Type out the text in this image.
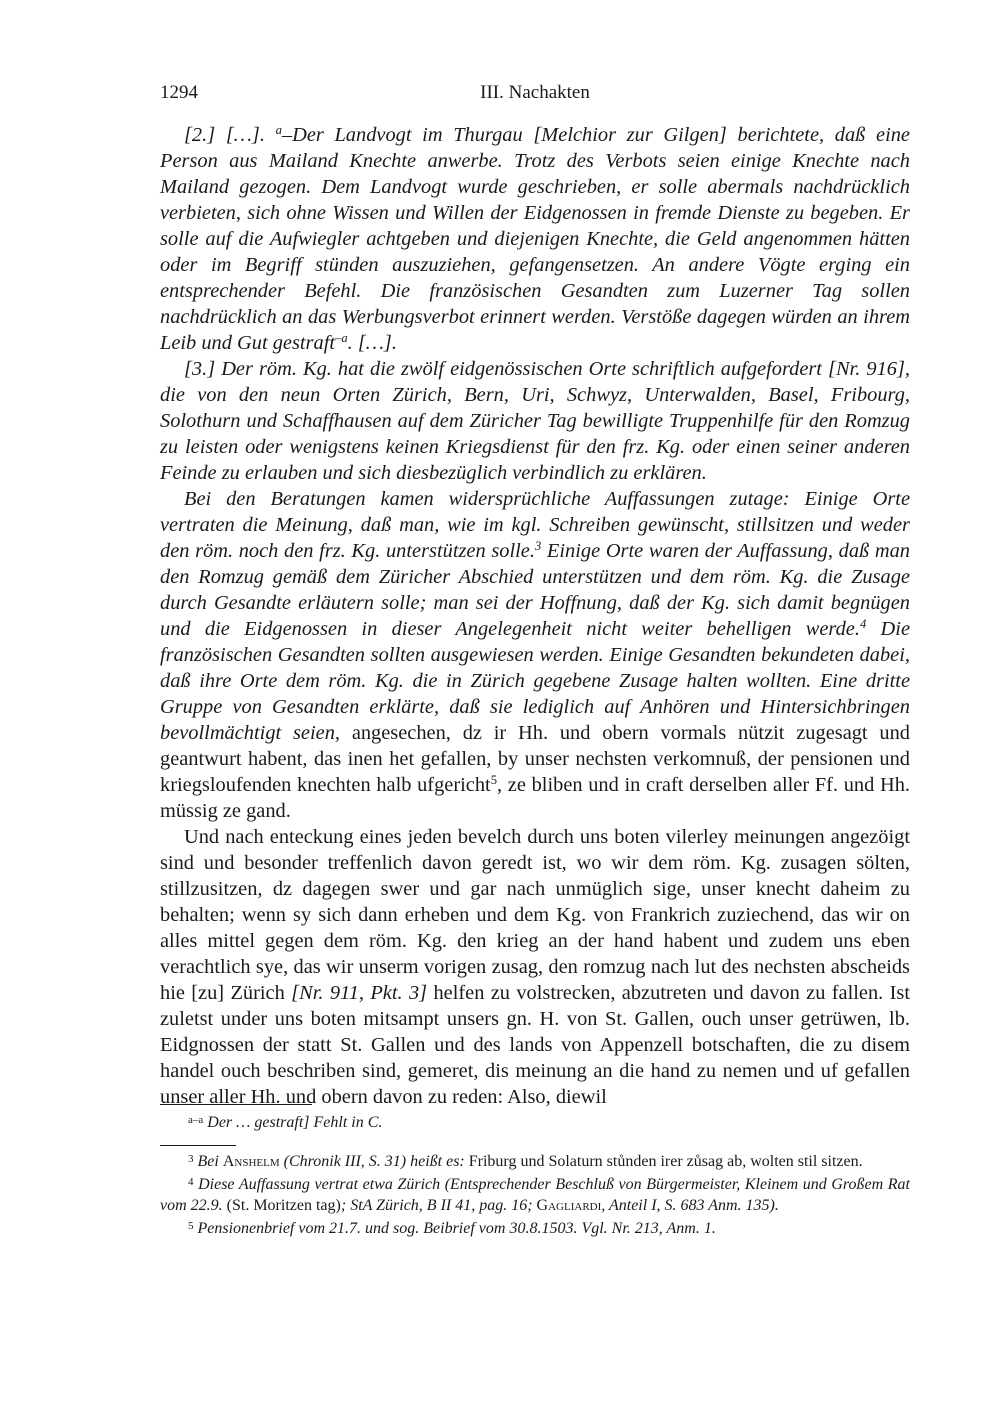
1294	III. Nachakten

[2.] […]. $^a$–Der Landvogt im Thurgau [Melchior zur Gilgen] berichtete, daß eine Person aus Mailand Knechte anwerbe. Trotz des Verbots seien einige Knechte nach Mailand gezogen. Dem Landvogt wurde geschrieben, er solle abermals nachdrücklich verbieten, sich ohne Wissen und Willen der Eidgenossen in fremde Dienste zu begeben. Er solle auf die Aufwiegler achtgeben und diejenigen Knechte, die Geld angenommen hätten oder im Begriff stünden auszuziehen, gefangensetzen. An andere Vögte erging ein entsprechender Befehl. Die französischen Gesandten zum Luzerner Tag sollen nachdrücklich an das Werbungsverbot erinnert werden. Verstöße dagegen würden an ihrem Leib und Gut gestraft$^{-a}$. […].

[3.] Der röm. Kg. hat die zwölf eidgenössischen Orte schriftlich aufgefordert [Nr. 916], die von den neun Orten Zürich, Bern, Uri, Schwyz, Unterwalden, Basel, Fribourg, Solothurn und Schaffhausen auf dem Züricher Tag bewilligte Truppenhilfe für den Romzug zu leisten oder wenigstens keinen Kriegsdienst für den frz. Kg. oder einen seiner anderen Feinde zu erlauben und sich diesbezüglich verbindlich zu erklären.

Bei den Beratungen kamen widersprüchliche Auffassungen zutage: Einige Orte vertraten die Meinung, daß man, wie im kgl. Schreiben gewünscht, stillsitzen und weder den röm. noch den frz. Kg. unterstützen solle.$^3$ Einige Orte waren der Auffassung, daß man den Romzug gemäß dem Züricher Abschied unterstützen und dem röm. Kg. die Zusage durch Gesandte erläutern solle; man sei der Hoffnung, daß der Kg. sich damit begnügen und die Eidgenossen in dieser Angelegenheit nicht weiter behelligen werde.$^4$ Die französischen Gesandten sollten ausgewiesen werden. Einige Gesandten bekundeten dabei, daß ihre Orte dem röm. Kg. die in Zürich gegebene Zusage halten wollten. Eine dritte Gruppe von Gesandten erklärte, daß sie lediglich auf Anhören und Hintersichbringen bevollmächtigt seien, angesechen, dz ir Hh. und obern vormals nützit zugesagt und geantwurt habent, das inen het gefallen, by unser nechsten verkomnuß, der pensionen und kriegsloufenden knechten halb ufgericht$^5$, ze bliben und in craft derselben aller Ff. und Hh. müssig ze gand.

Und nach enteckung eines jeden bevelch durch uns boten vilerley meinungen angezöigt sind und besonder treffenlich davon geredt ist, wo wir dem röm. Kg. zusagen sölten, stillzusitzen, dz dagegen swer und gar nach unmüglich sige, unser knecht daheim zu behalten; wenn sy sich dann erheben und dem Kg. von Frankrich zuziechend, das wir on alles mittel gegen dem röm. Kg. den krieg an der hand habent und zudem uns eben verachtlich sye, das wir unserm vorigen zusag, den romzug nach lut des nechsten abscheids hie [zu] Zürich [Nr. 911, Pkt. 3] helfen zu volstrecken, abzutreten und davon zu fallen. Ist zuletst under uns boten mitsampt unsers gn. H. von St. Gallen, ouch unser getrüwen, lb. Eidgnossen der statt St. Gallen und des lands von Appenzell botschaften, die zu disem handel ouch beschriben sind, gemeret, dis meinung an die hand zu nemen und uf gefallen unser aller Hh. und obern davon zu reden: Also, diewil

$^{a-a}$ Der … gestraft] Fehlt in C.

$^3$ Bei Anshelm (Chronik III, S. 31) heißt es: Friburg und Solaturn stůnden irer zůsag ab, wolten stil sitzen.

$^4$ Diese Auffassung vertrat etwa Zürich (Entsprechender Beschluß von Bürgermeister, Kleinem und Großem Rat vom 22.9. (St. Moritzen tag); StA Zürich, B II 41, pag. 16; Gagliardi, Anteil I, S. 683 Anm. 135).

$^5$ Pensionenbrief vom 21.7. und sog. Beibrief vom 30.8.1503. Vgl. Nr. 213, Anm. 1.
